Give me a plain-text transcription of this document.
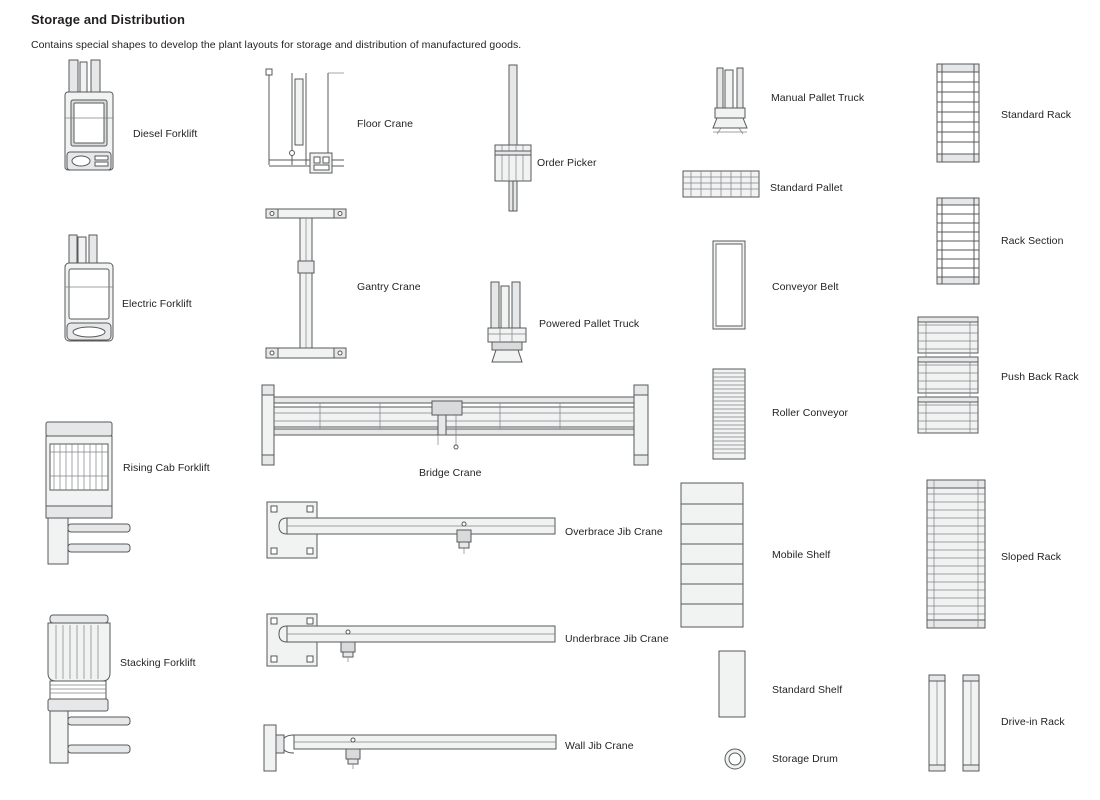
Storage and Distribution
Contains special shapes to develop the plant layouts for storage and distribution of manufactured goods.
Diesel Forklift
Electric Forklift
Rising Cab Forklift
Stacking Forklift
Floor Crane
Gantry Crane
Bridge Crane
Overbrace Jib Crane
Underbrace Jib Crane
Wall Jib Crane
Order Picker
Powered Pallet Truck
Manual Pallet Truck
Standard Pallet
Conveyor Belt
Roller Conveyor
Mobile Shelf
Standard Shelf
Storage Drum
Standard Rack
Rack Section
Push Back Rack
Sloped Rack
Drive-in Rack
